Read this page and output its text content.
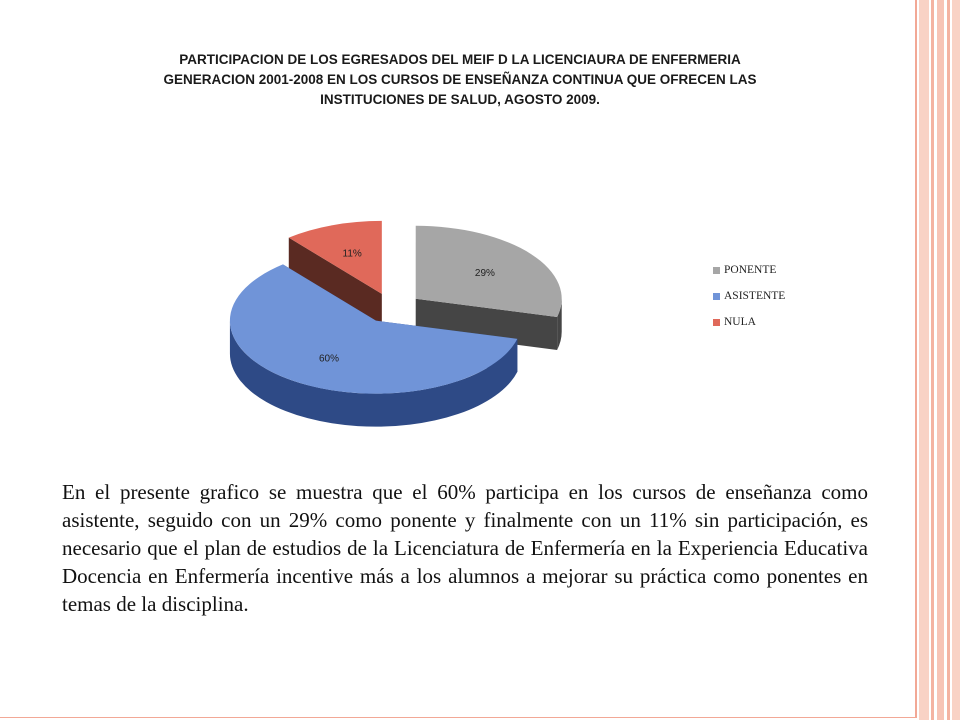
PARTICIPACION DE LOS EGRESADOS DEL MEIF D LA LICENCIAURA DE ENFERMERIA GENERACION 2001-2008 EN LOS CURSOS DE ENSEÑANZA CONTINUA QUE OFRECEN LAS INSTITUCIONES DE SALUD, AGOSTO 2009.
11%
29%
60%
PONENTE
ASISTENTE
NULA

En el presente grafico se muestra que el 60% participa en los cursos de enseñanza como asistente, seguido con un 29% como ponente y finalmente con un 11% sin participación, es necesario que el plan de estudios de la Licenciatura de Enfermería en la Experiencia Educativa Docencia en Enfermería incentive más a los alumnos a mejorar su práctica como ponentes en temas de la disciplina.
